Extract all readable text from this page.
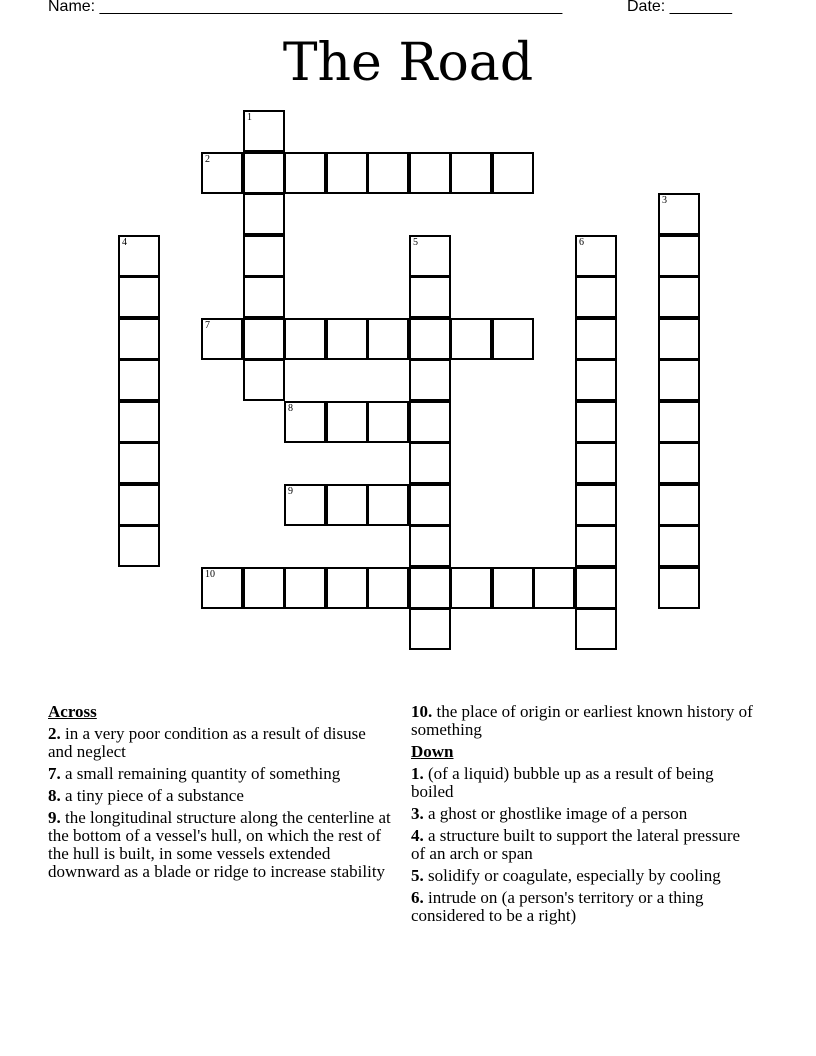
Name: ____________________________________________________	Date: _______
The Road
1
2
3
4	5	6
7
8
9
10
Across
2. in a very poor condition as a result of disuse and neglect
7. a small remaining quantity of something
8. a tiny piece of a substance
9. the longitudinal structure along the centerline at the bottom of a vessel's hull, on which the rest of the hull is built, in some vessels extended downward as a blade or ridge to increase stability
10. the place of origin or earliest known history of something
Down
1. (of a liquid) bubble up as a result of being boiled
3. a ghost or ghostlike image of a person
4. a structure built to support the lateral pressure of an arch or span
5. solidify or coagulate, especially by cooling
6. intrude on (a person's territory or a thing considered to be a right)
